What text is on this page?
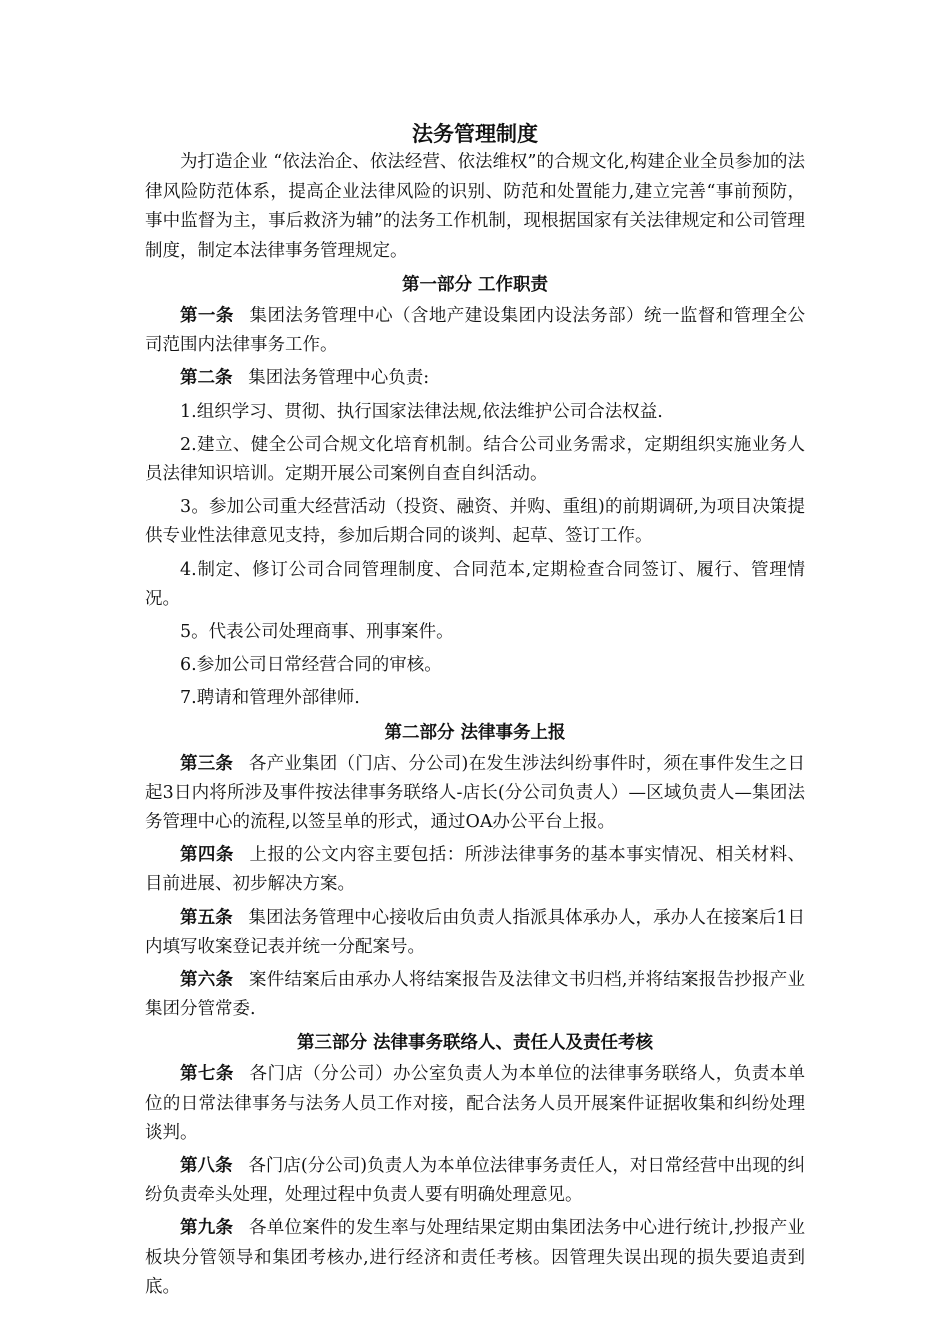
法务管理制度

为打造企业 “依法治企、依法经营、依法维权”的合规文化,构建企业全员参加的法律风险防范体系，提高企业法律风险的识别、防范和处置能力,建立完善“事前预防，事中监督为主，事后救济为辅”的法务工作机制，现根据国家有关法律规定和公司管理制度，制定本法律事务管理规定。

第一部分 工作职责

第一条 集团法务管理中心（含地产建设集团内设法务部）统一监督和管理全公司范围内法律事务工作。

第二条 集团法务管理中心负责:

1.组织学习、贯彻、执行国家法律法规,依法维护公司合法权益.

2.建立、健全公司合规文化培育机制。结合公司业务需求，定期组织实施业务人员法律知识培训。定期开展公司案例自查自纠活动。

3。参加公司重大经营活动（投资、融资、并购、重组)的前期调研,为项目决策提供专业性法律意见支持，参加后期合同的谈判、起草、签订工作。

4.制定、修订公司合同管理制度、合同范本,定期检查合同签订、履行、管理情况。

5。代表公司处理商事、刑事案件。

6.参加公司日常经营合同的审核。

7.聘请和管理外部律师.

第二部分 法律事务上报

第三条 各产业集团（门店、分公司)在发生涉法纠纷事件时，须在事件发生之日起3日内将所涉及事件按法律事务联络人-店长(分公司负责人）—区域负责人—集团法务管理中心的流程,以签呈单的形式，通过OA办公平台上报。

第四条 上报的公文内容主要包括：所涉法律事务的基本事实情况、相关材料、目前进展、初步解决方案。

第五条 集团法务管理中心接收后由负责人指派具体承办人，承办人在接案后1日内填写收案登记表并统一分配案号。

第六条 案件结案后由承办人将结案报告及法律文书归档,并将结案报告抄报产业集团分管常委.

第三部分 法律事务联络人、责任人及责任考核

第七条 各门店（分公司）办公室负责人为本单位的法律事务联络人，负责本单位的日常法律事务与法务人员工作对接，配合法务人员开展案件证据收集和纠纷处理谈判。

第八条 各门店(分公司)负责人为本单位法律事务责任人，对日常经营中出现的纠纷负责牵头处理，处理过程中负责人要有明确处理意见。

第九条 各单位案件的发生率与处理结果定期由集团法务中心进行统计,抄报产业板块分管领导和集团考核办,进行经济和责任考核。因管理失误出现的损失要追责到底。
